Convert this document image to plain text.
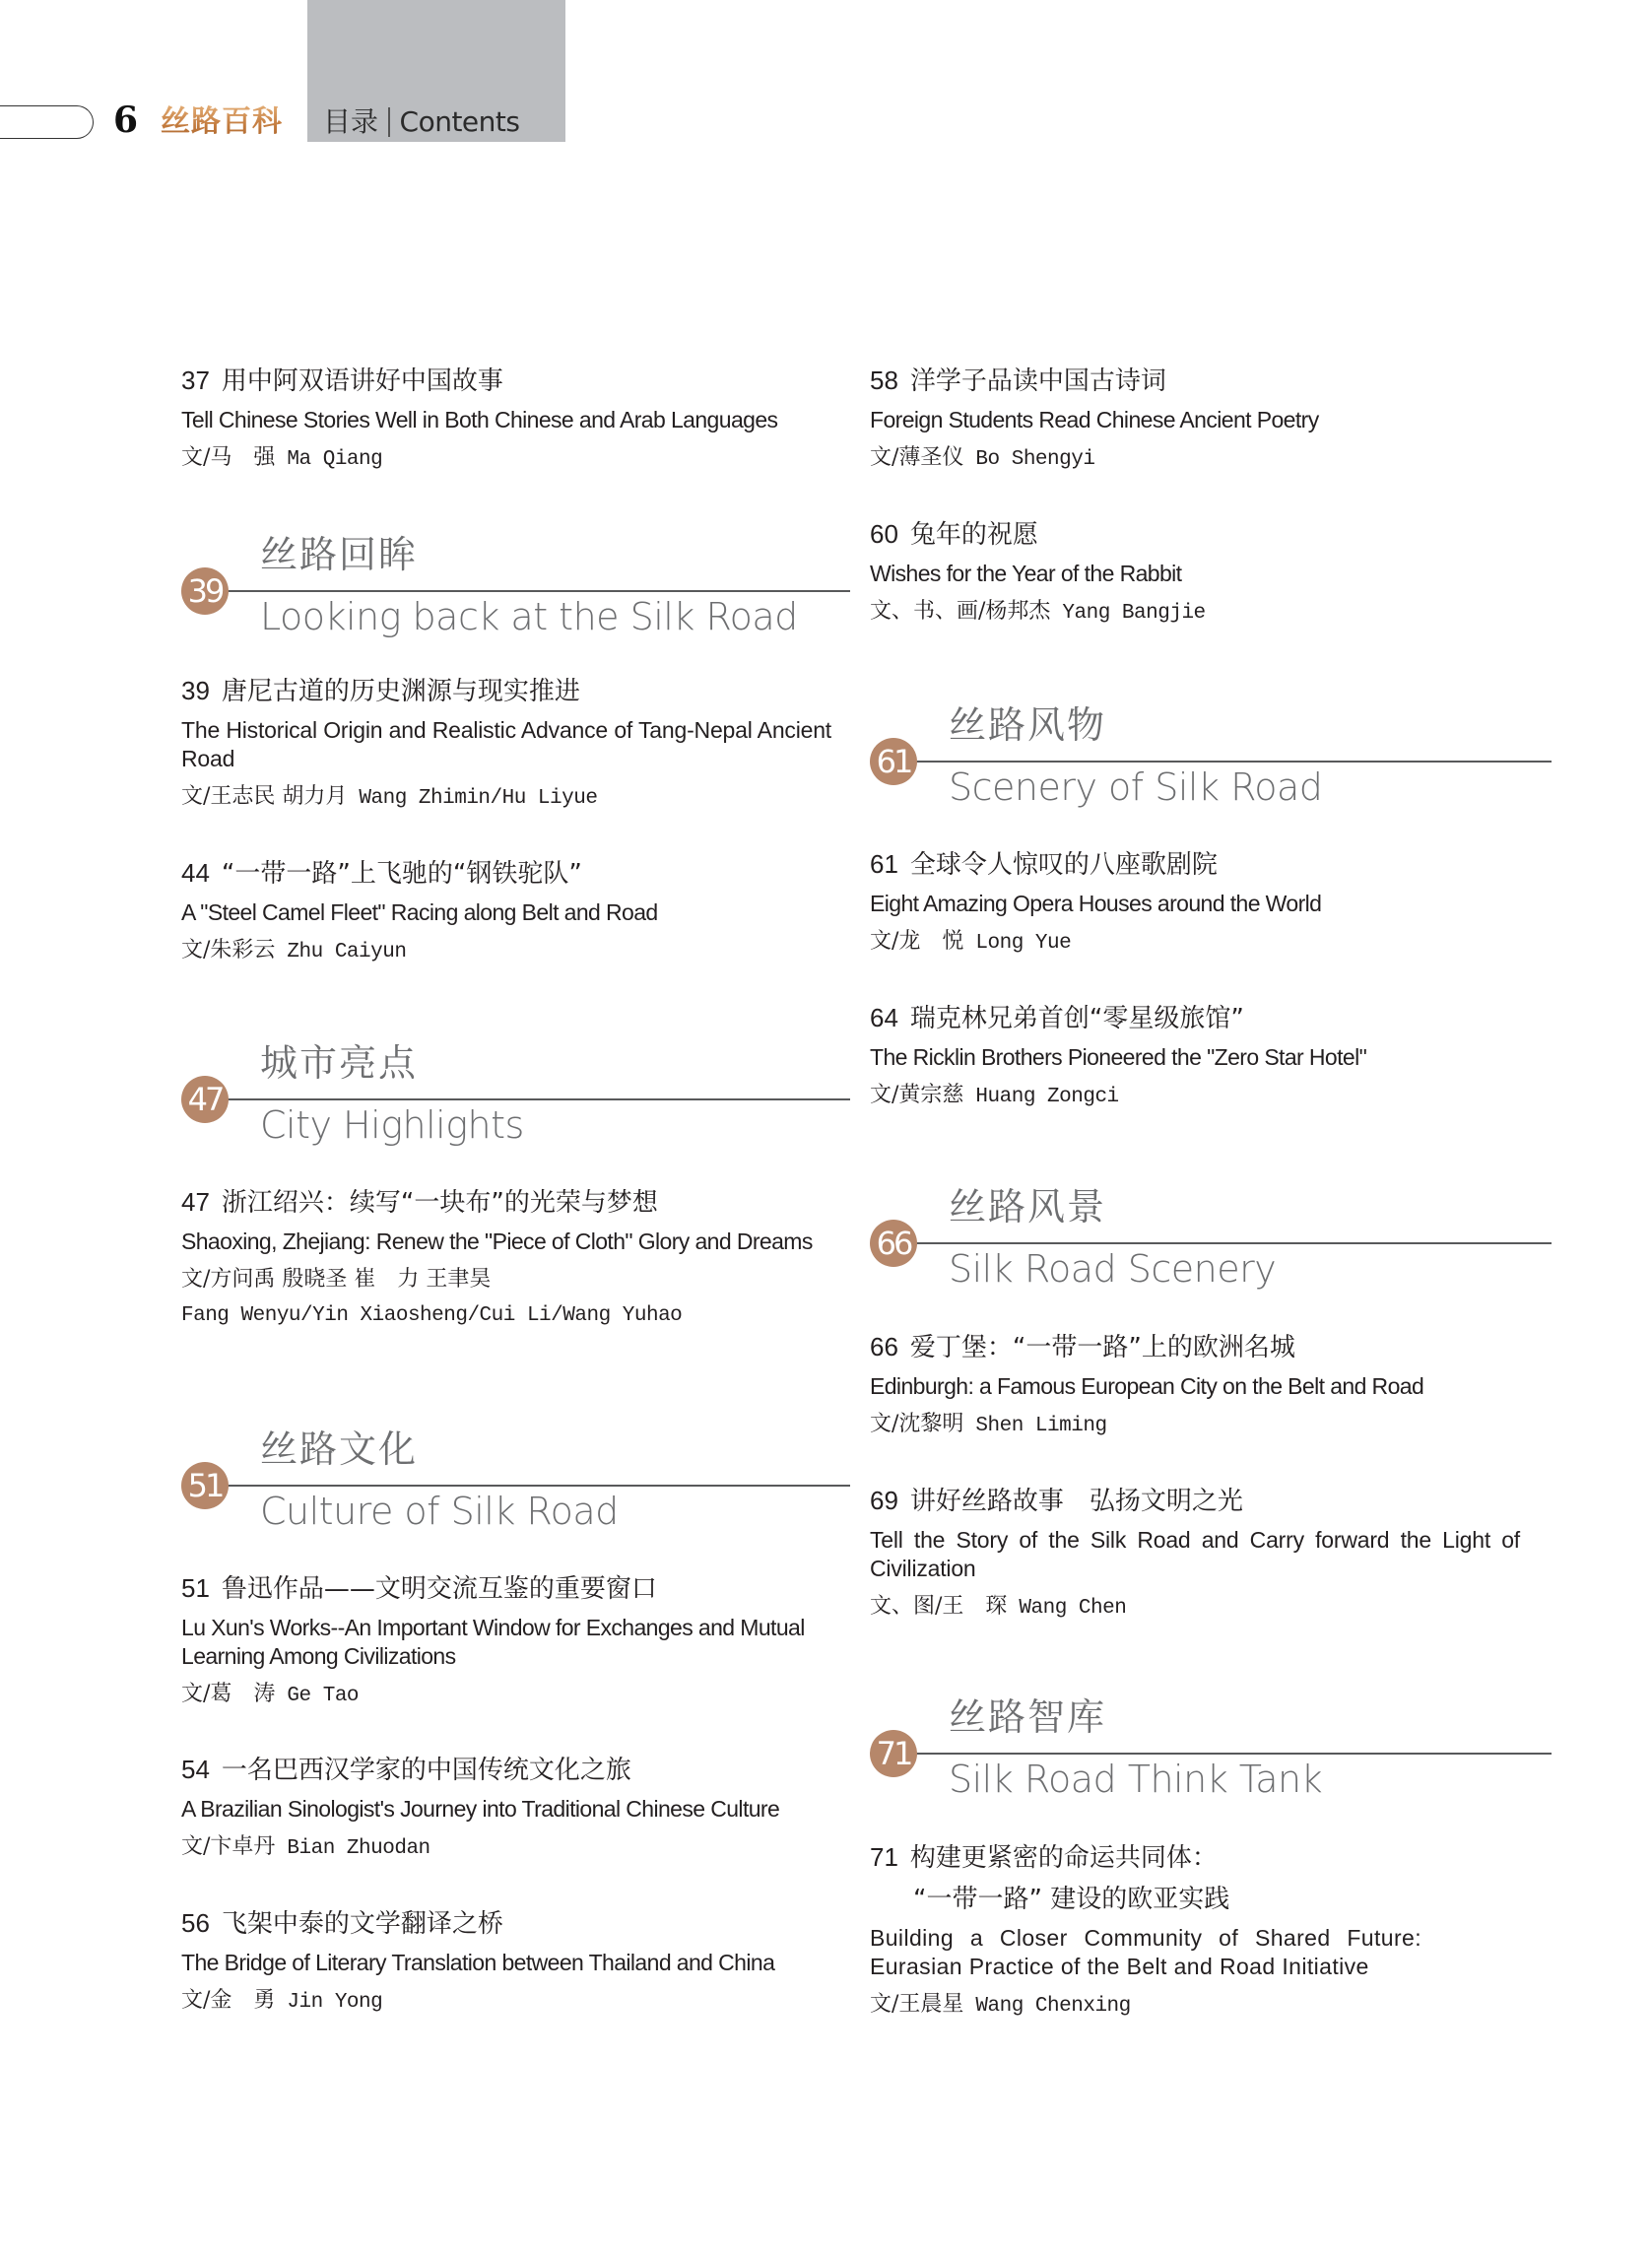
6 丝路百科 目录 Contents
37 用中阿双语讲好中国故事
Tell Chinese Stories Well in Both Chinese and Arab Languages
文/马　强 Ma Qiang
丝路回眸
39
Looking back at the Silk Road
39 唐尼古道的历史渊源与现实推进
The Historical Origin and Realistic Advance of Tang-Nepal Ancient Road
文/王志民 胡力月 Wang Zhimin/Hu Liyue
44 “一带一路”上飞驰的“钢铁驼队”
A "Steel Camel Fleet" Racing along Belt and Road
文/朱彩云 Zhu Caiyun
城市亮点
47
City Highlights
47 浙江绍兴：续写“一块布”的光荣与梦想
Shaoxing, Zhejiang: Renew the "Piece of Cloth" Glory and Dreams
文/方问禹 殷晓圣 崔　力 王聿昊
Fang Wenyu/Yin Xiaosheng/Cui Li/Wang Yuhao
丝路文化
51
Culture of Silk Road
51 鲁迅作品——文明交流互鉴的重要窗口
Lu Xun's Works--An Important Window for Exchanges and Mutual Learning Among Civilizations
文/葛　涛 Ge Tao
54 一名巴西汉学家的中国传统文化之旅
A Brazilian Sinologist's Journey into Traditional Chinese Culture
文/卞卓丹 Bian Zhuodan
56 飞架中泰的文学翻译之桥
The Bridge of Literary Translation between Thailand and China
文/金　勇 Jin Yong
58 洋学子品读中国古诗词
Foreign Students Read Chinese Ancient Poetry
文/薄圣仪 Bo Shengyi
60 兔年的祝愿
Wishes for the Year of the Rabbit
文、书、画/杨邦杰 Yang Bangjie
丝路风物
61
Scenery of Silk Road
61 全球令人惊叹的八座歌剧院
Eight Amazing Opera Houses around the World
文/龙　悦 Long Yue
64 瑞克林兄弟首创“零星级旅馆”
The Ricklin Brothers Pioneered the "Zero Star Hotel"
文/黄宗慈 Huang Zongci
丝路风景
66
Silk Road Scenery
66 爱丁堡：“一带一路”上的欧洲名城
Edinburgh: a Famous European City on the Belt and Road
文/沈黎明 Shen Liming
69 讲好丝路故事　弘扬文明之光
Tell the Story of the Silk Road and Carry forward the Light of Civilization
文、图/王　琛 Wang Chen
丝路智库
71
Silk Road Think Tank
71 构建更紧密的命运共同体：
“一带一路” 建设的欧亚实践
Building a Closer Community of Shared Future: Eurasian Practice of the Belt and Road Initiative
文/王晨星 Wang Chenxing
